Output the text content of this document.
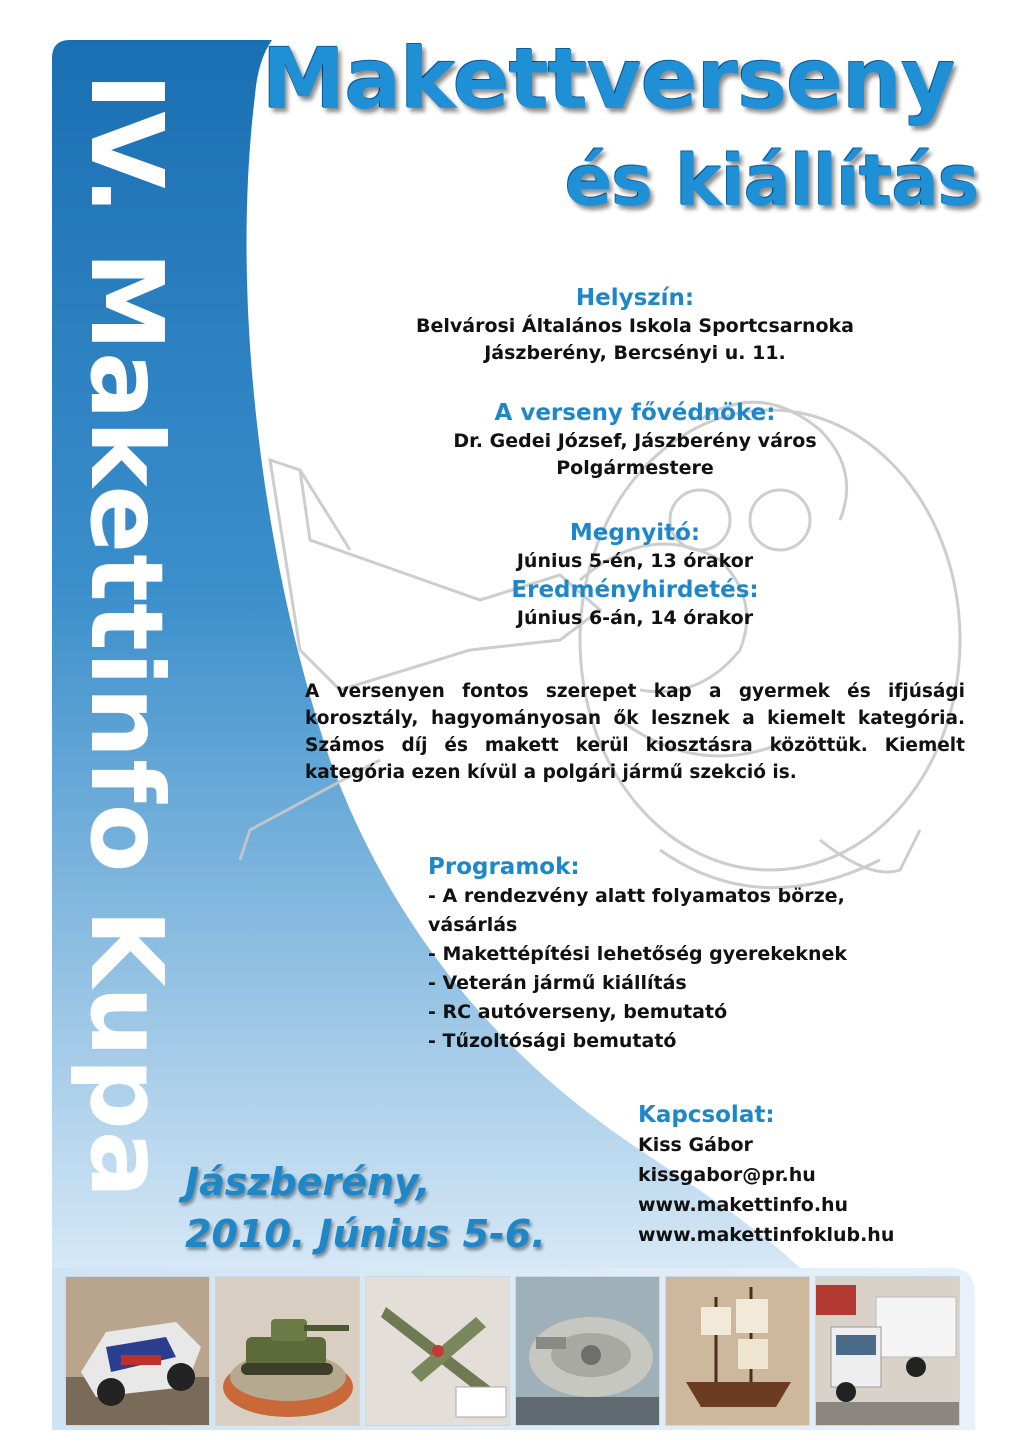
IV. Makettinfo Kupa Makettverseny
és kiállítás
Helyszín:
Belvárosi Általános Iskola Sportcsarnoka
Jászberény, Bercsényi u. 11.
A verseny fővédnöke:
Dr. Gedei József, Jászberény város
Polgármestere
Megnyitó:
Június 5-én, 13 órakor
Eredményhirdetés:
Június 6-án, 14 órakor
A versenyen fontos szerepet kap a gyermek és ifjúsági korosztály, hagyományosan ők lesznek a kiemelt kategória. Számos díj és makett kerül kiosztásra közöttük. Kiemelt kategória ezen kívül a polgári jármű szekció is.
Programok:
- A rendezvény alatt folyamatos börze,
vásárlás
- Makettépítési lehetőség gyerekeknek
- Veterán jármű kiállítás
- RC autóverseny, bemutató
- Tűzoltósági bemutató
Kapcsolat:
Kiss Gábor
kissgabor@pr.hu
www.makettinfo.hu
www.makettinfoklub.hu
Jászberény,
2010. Június 5-6.
